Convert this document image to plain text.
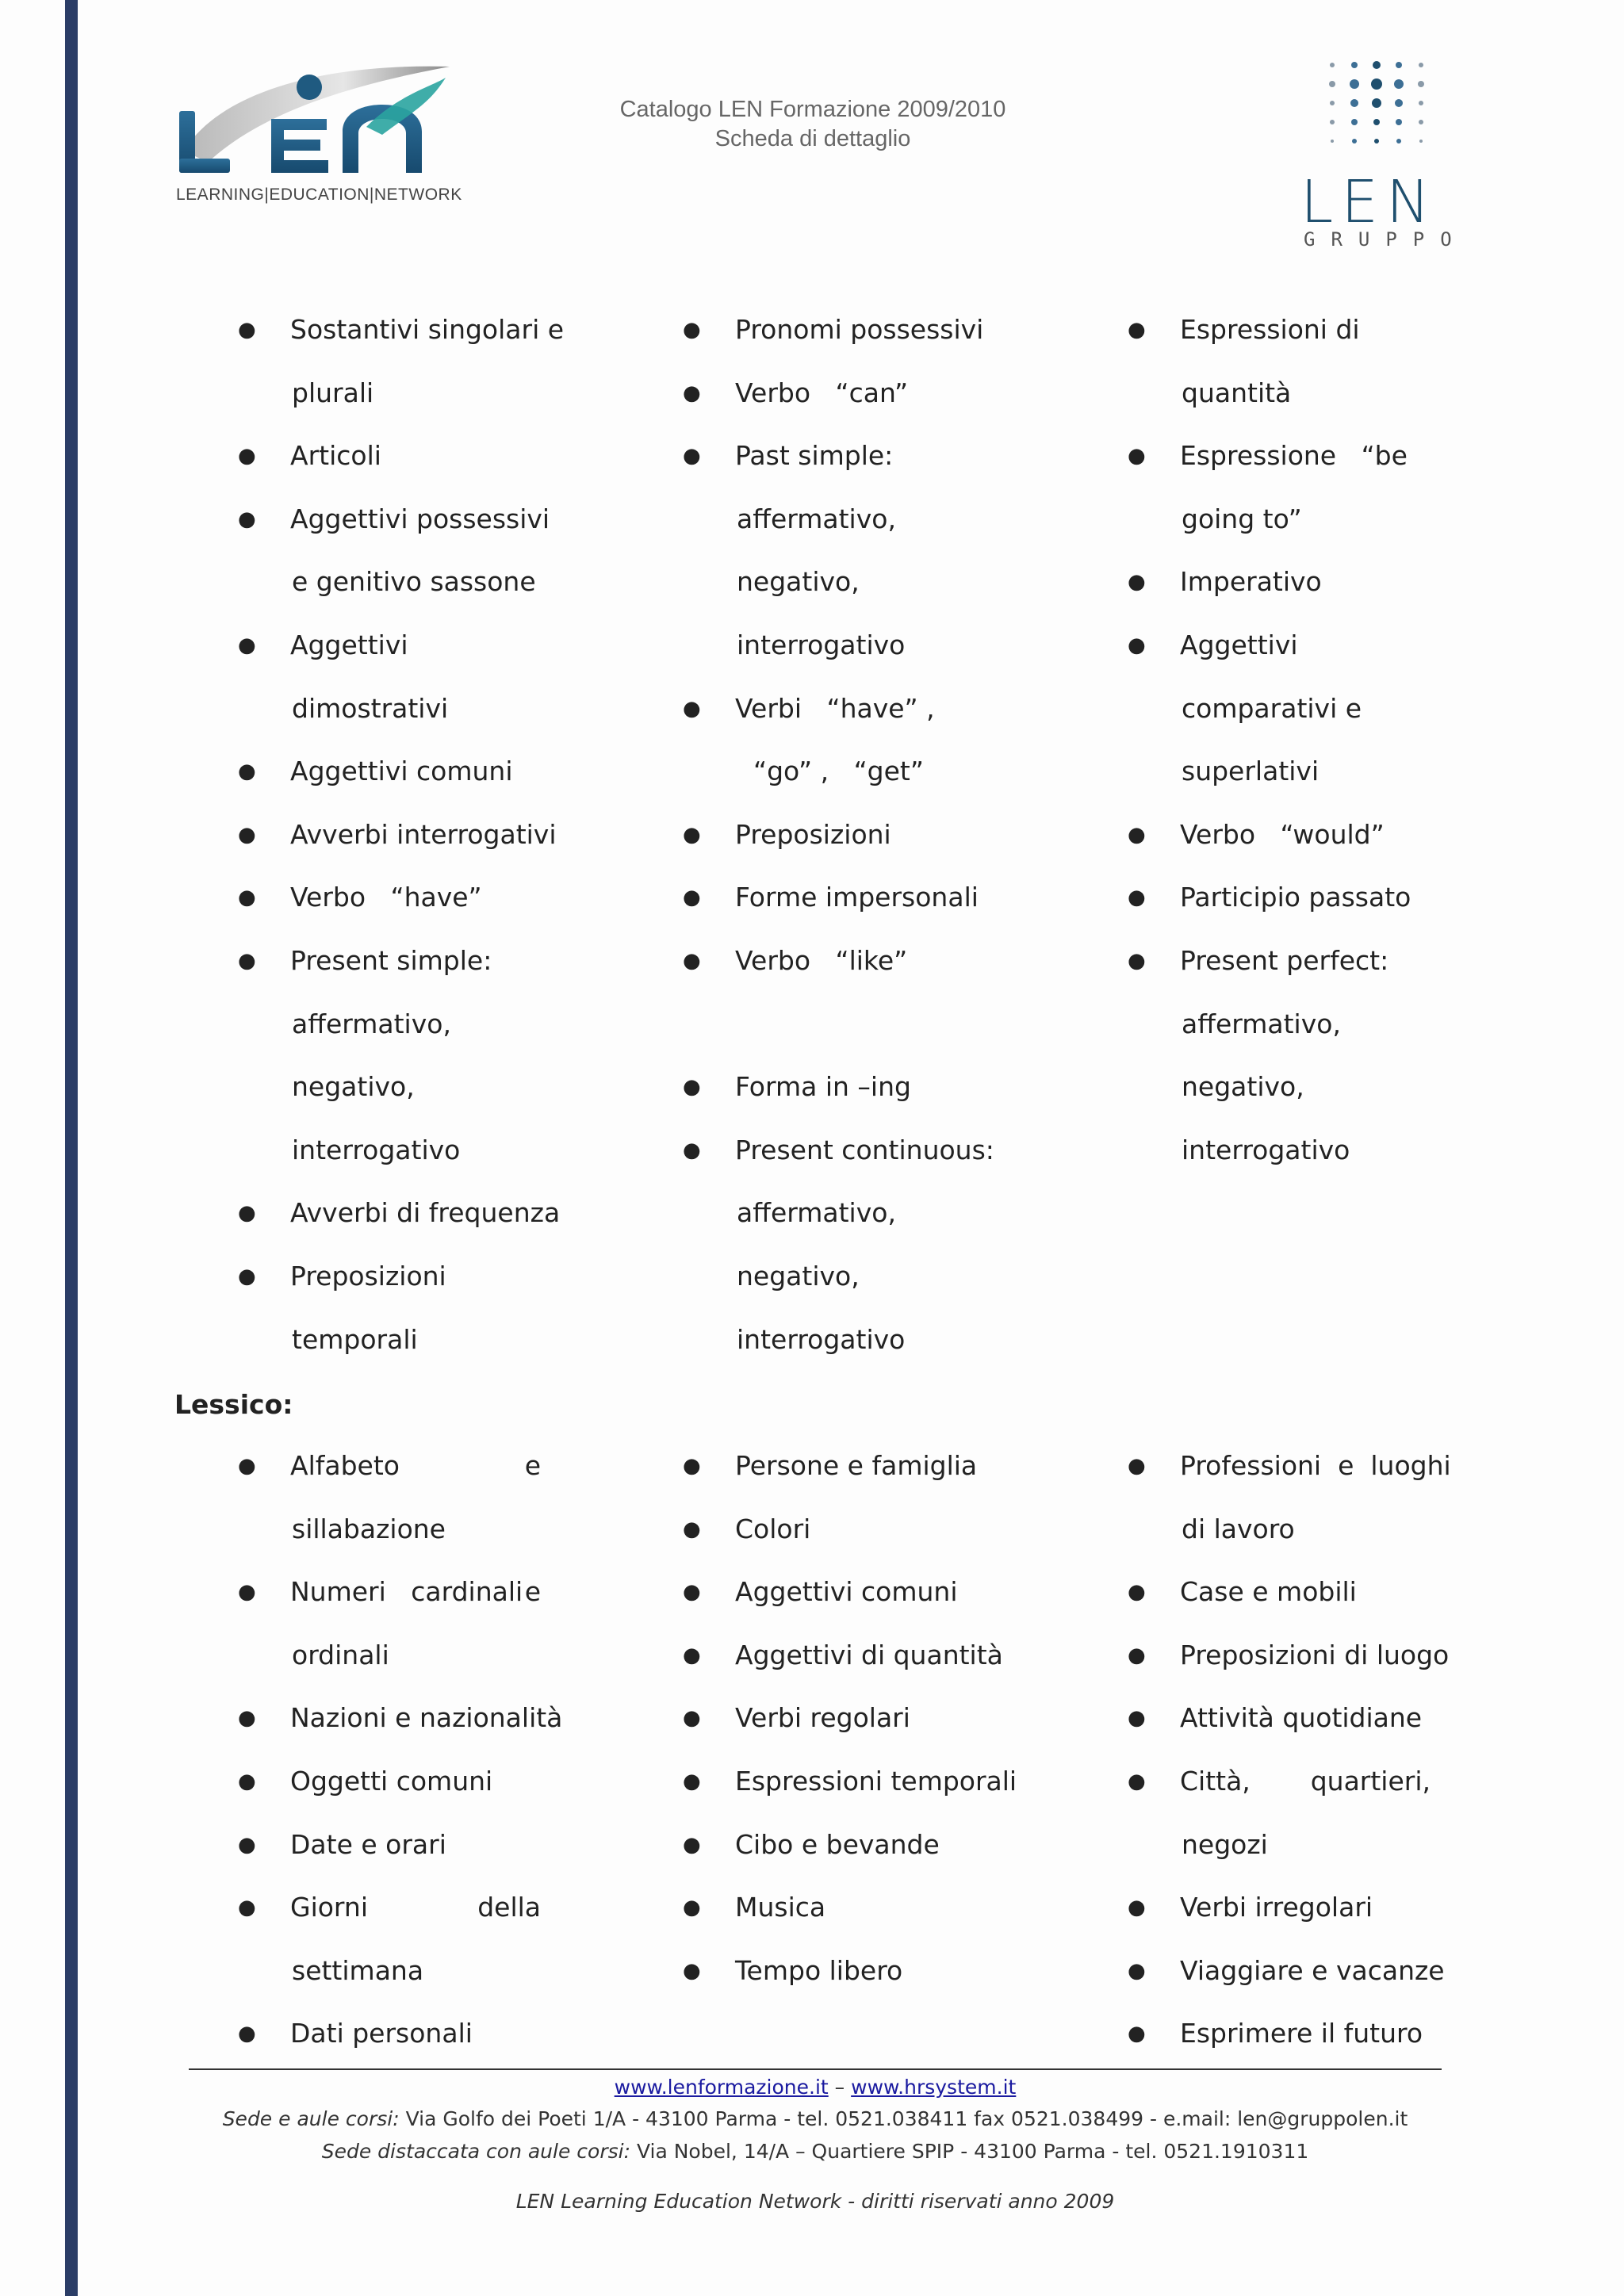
LEARNING|EDUCATION|NETWORK
Catalogo LEN Formazione 2009/2010
Scheda di dettaglio
LEN
GRUPPO
● Sostantivi singolari e
plurali
● Articoli
● Aggettivi possessivi
e genitivo sassone
● Aggettivi
dimostrativi
● Aggettivi comuni
● Avverbi interrogativi
● Verbo   “have”
● Present simple:
affermativo,
negativo,
interrogativo
● Avverbi di frequenza
● Preposizioni
temporali
● Pronomi possessivi
● Verbo   “can”
● Past simple:
affermativo,
negativo,
interrogativo
● Verbi   “have” ,
“go” ,   “get”
● Preposizioni
● Forme impersonali
● Verbo   “like”
● Forma in –ing
● Present continuous:
affermativo,
negativo,
interrogativo
● Espressioni di
quantità
● Espressione   “be
going to”
● Imperativo
● Aggettivi
comparativi e
superlativi
● Verbo   “would”
● Participio passato
● Present perfect:
affermativo,
negativo,
interrogativo
Lessico:
● Alfabeto	e
sillabazione
● Numeri   cardinali e
ordinali
● Nazioni e nazionalità
● Oggetti comuni
● Date e orari
● Giorni	della
settimana
● Dati personali
● Persone e famiglia
● Colori
● Aggettivi comuni
● Aggettivi di quantità
● Verbi regolari
● Espressioni temporali
● Cibo e bevande
● Musica
● Tempo libero
● Professioni  e  luoghi
di lavoro
● Case e mobili
● Preposizioni di luogo
● Attività quotidiane
● Città, quartieri,
negozi
● Verbi irregolari
● Viaggiare e vacanze
● Esprimere il futuro
www.lenformazione.it – www.hrsystem.it
Sede e aule corsi: Via Golfo dei Poeti 1/A - 43100 Parma - tel. 0521.038411 fax 0521.038499 - e.mail: len@gruppolen.it
Sede distaccata con aule corsi: Via Nobel, 14/A – Quartiere SPIP - 43100 Parma - tel. 0521.1910311
LEN Learning Education Network - diritti riservati anno 2009
